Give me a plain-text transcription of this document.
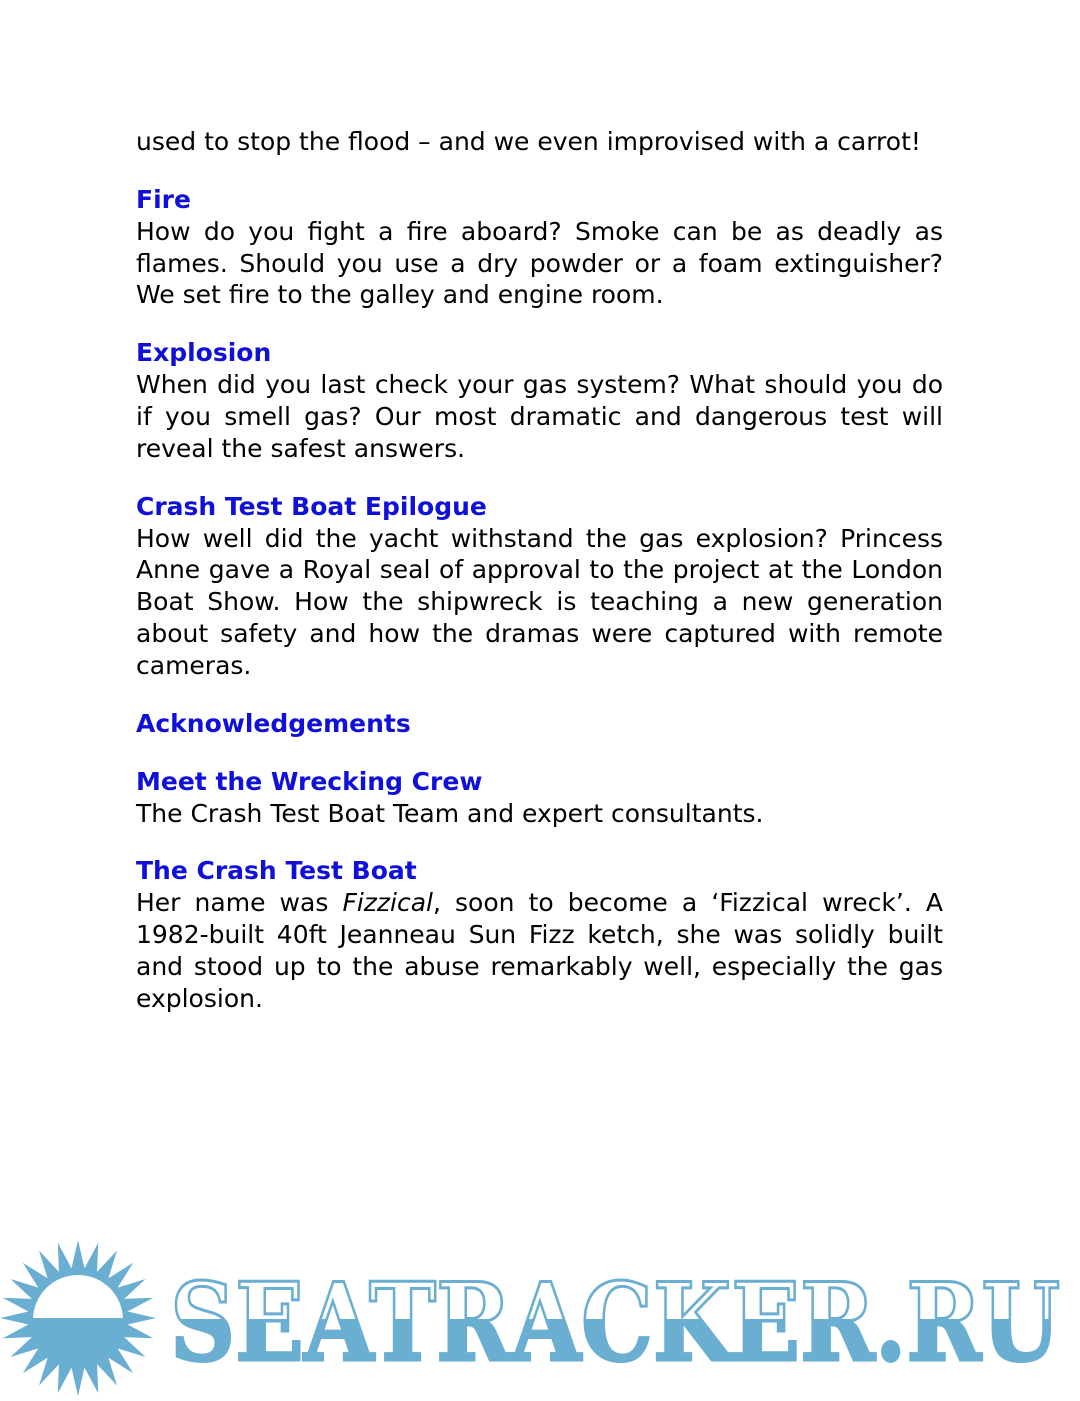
used to stop the flood – and we even improvised with a carrot!

Fire

How do you fight a fire aboard? Smoke can be as deadly as flames. Should you use a dry powder or a foam extinguisher? We set fire to the galley and engine room.

Explosion

When did you last check your gas system? What should you do if you smell gas? Our most dramatic and dangerous test will reveal the safest answers.

Crash Test Boat Epilogue

How well did the yacht withstand the gas explosion? Princess Anne gave a Royal seal of approval to the project at the London Boat Show. How the shipwreck is teaching a new generation about safety and how the dramas were captured with remote cameras.

Acknowledgements
Meet the Wrecking Crew

The Crash Test Boat Team and expert consultants.

The Crash Test Boat

Her name was Fizzical, soon to become a ‘Fizzical wreck’. A 1982-built 40ft Jeanneau Sun Fizz ketch, she was solidly built and stood up to the abuse remarkably well, especially the gas explosion.

SEATRACKER.RU
